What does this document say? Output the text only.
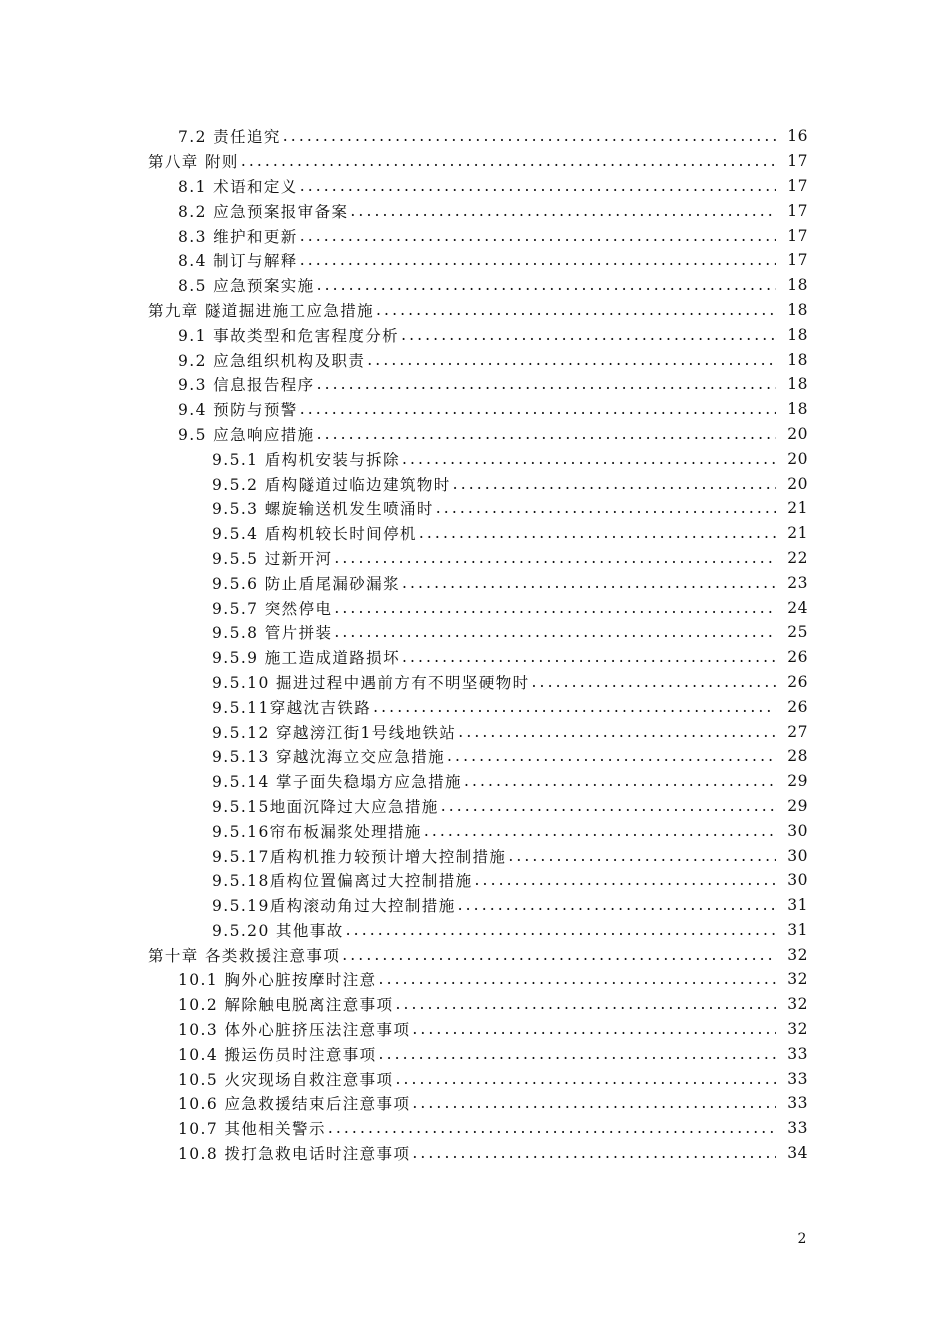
7.2 责任追究 .....	16
第八章 附则 .....	17
8.1 术语和定义 .....	17
8.2 应急预案报审备案 .....	17
8.3 维护和更新 .....	17
8.4 制订与解释 .....	17
8.5 应急预案实施 .....	18
第九章 隧道掘进施工应急措施 .....	18
9.1 事故类型和危害程度分析 .....	18
9.2 应急组织机构及职责 .....	18
9.3 信息报告程序 .....	18
9.4 预防与预警 .....	18
9.5 应急响应措施 .....	20
9.5.1 盾构机安装与拆除 .....	20
9.5.2 盾构隧道过临边建筑物时 .....	20
9.5.3 螺旋输送机发生喷涌时 .....	21
9.5.4 盾构机较长时间停机 .....	21
9.5.5 过新开河 .....	22
9.5.6 防止盾尾漏砂漏浆 .....	23
9.5.7 突然停电 .....	24
9.5.8 管片拼装 .....	25
9.5.9 施工造成道路损坏 .....	26
9.5.10 掘进过程中遇前方有不明坚硬物时 .....	26
9.5.11穿越沈吉铁路 .....	26
9.5.12 穿越滂江街1号线地铁站 .....	27
9.5.13 穿越沈海立交应急措施 .....	28
9.5.14 掌子面失稳塌方应急措施 .....	29
9.5.15地面沉降过大应急措施 .....	29
9.5.16帘布板漏浆处理措施 .....	30
9.5.17盾构机推力较预计增大控制措施 .....	30
9.5.18盾构位置偏离过大控制措施 .....	30
9.5.19盾构滚动角过大控制措施 .....	31
9.5.20 其他事故 .....	31
第十章 各类救援注意事项 .....	32
10.1 胸外心脏按摩时注意 .....	32
10.2 解除触电脱离注意事项 .....	32
10.3 体外心脏挤压法注意事项 .....	32
10.4 搬运伤员时注意事项 .....	33
10.5 火灾现场自救注意事项 .....	33
10.6 应急救援结束后注意事项 .....	33
10.7 其他相关警示 .....	33
10.8 拨打急救电话时注意事项 .....	34
2
